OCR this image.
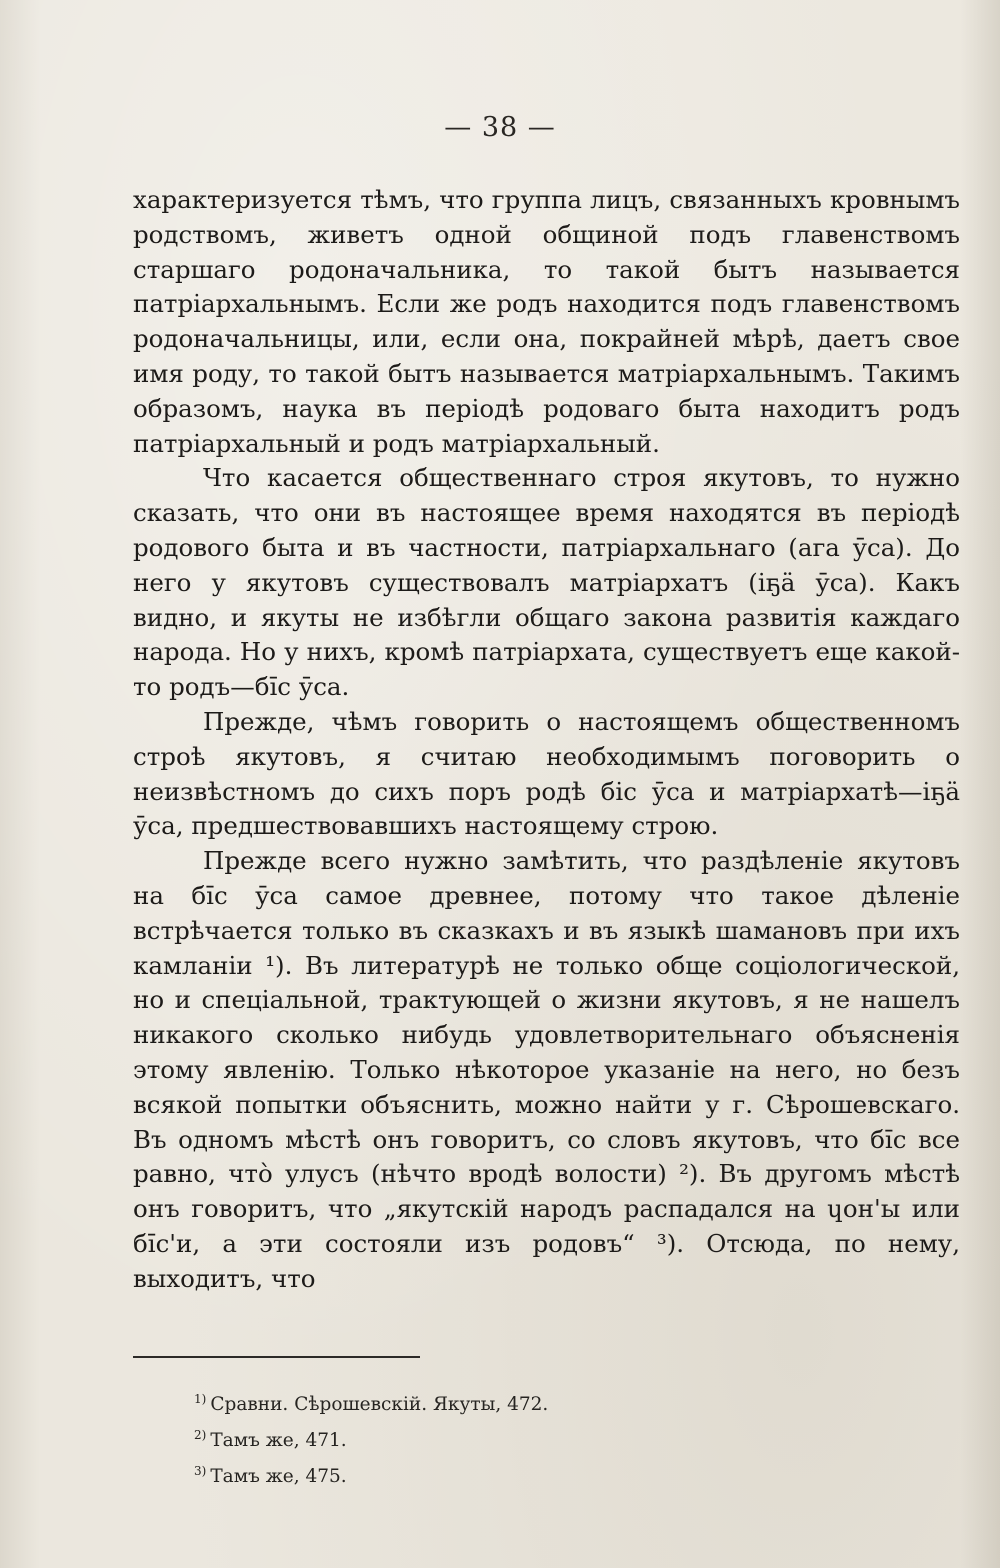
— 38 —

характеризуется тѣмъ, что группа лицъ, связанныхъ кровнымъ родствомъ, живетъ одной общиной подъ главенствомъ старшаго родоначальника, то такой бытъ называется патріархальнымъ. Если же родъ находится подъ главенствомъ родоначальницы, или, если она, покрайней мѣрѣ, даетъ свое имя роду, то такой бытъ называется матріархальнымъ. Такимъ образомъ, наука въ періодѣ родоваго быта находитъ родъ патріархальный и родъ матріархальный.

Что касается общественнаго строя якутовъ, то нужно сказать, что они въ настоящее время находятся въ періодѣ родового быта и въ частности, патріархальнаго (ага ӯса). До него у якутовъ существовалъ матріархатъ (іҕä ӯса). Какъ видно, и якуты не избѣгли общаго закона развитія каждаго народа. Но у нихъ, кромѣ патріархата, существуетъ еще какой-то родъ—бі̄с ӯса.

Прежде, чѣмъ говорить о настоящемъ общественномъ строѣ якутовъ, я считаю необходимымъ поговорить о неизвѣстномъ до сихъ поръ родѣ біс ӯса и матріархатѣ—іҕä ӯса, предшествовавшихъ настоящему строю.

Прежде всего нужно замѣтить, что раздѣленіе якутовъ на бі̄с ӯса самое древнее, потому что такое дѣленіе встрѣчается только въ сказкахъ и въ языкѣ шамановъ при ихъ камланіи ¹). Въ литературѣ не только обще соціологической, но и спеціальной, трактующей о жизни якутовъ, я не нашелъ никакого сколько нибудь удовлетворительнаго объясненія этому явленію. Только нѣкоторое указаніе на него, но безъ всякой попытки объяснить, можно найти у г. Сѣрошевскаго. Въ одномъ мѣстѣ онъ говоритъ, со словъ якутовъ, что бі̄с все равно, что̀ улусъ (нѣчто вродѣ волости) ²). Въ другомъ мѣстѣ онъ говоритъ, что „якутскій народъ распадался на ɥон'ы или бі̄с'и, а эти состояли изъ родовъ“ ³). Отсюда, по нему, выходитъ, что

$^{1)}$ Сравни. Сѣрошевскій. Якуты, 472.
$^{2)}$ Тамъ же, 471.
$^{3)}$ Тамъ же, 475.
